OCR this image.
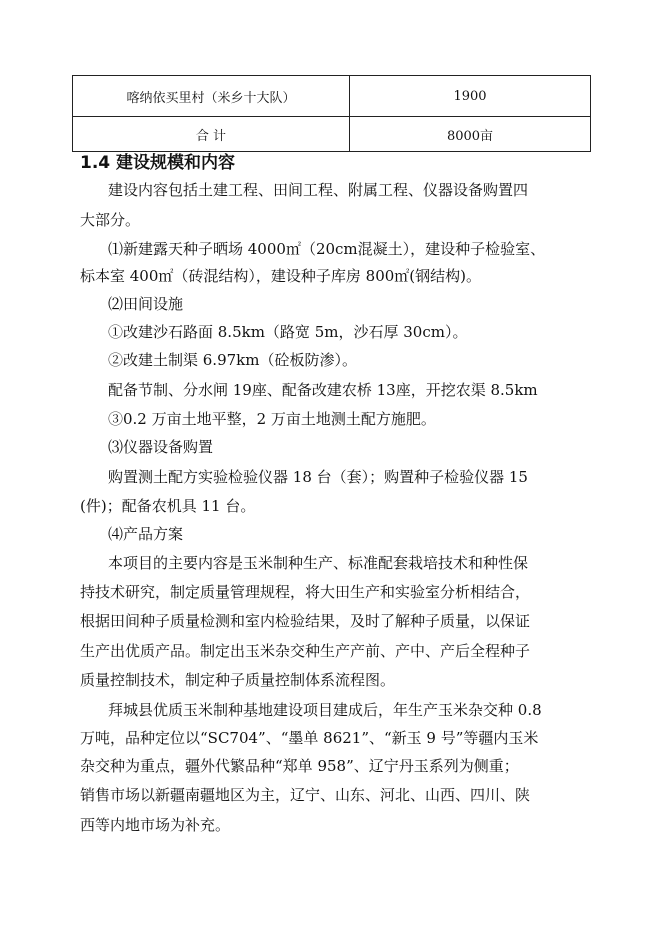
喀纳依买里村（米乡十大队）	1900
合 计	8000亩
1.4 建设规模和内容

建设内容包括土建工程、田间工程、附属工程、仪器设备购置四

大部分。

⑴新建露天种子晒场 4000㎡（20cm混凝土），建设种子检验室、

标本室 400㎡（砖混结构），建设种子库房 800㎡(钢结构)。

⑵田间设施

①改建沙石路面 8.5km（路宽 5m，沙石厚 30cm）。

②改建土制渠 6.97km（砼板防渗）。

配备节制、分水闸 19座、配备改建农桥 13座，开挖农渠 8.5km

③0.2 万亩土地平整，2 万亩土地测土配方施肥。

⑶仪器设备购置

购置测土配方实验检验仪器 18 台（套）；购置种子检验仪器 15

(件)；配备农机具 11 台。

⑷产品方案

本项目的主要内容是玉米制种生产、标准配套栽培技术和种性保

持技术研究，制定质量管理规程，将大田生产和实验室分析相结合，

根据田间种子质量检测和室内检验结果，及时了解种子质量，以保证

生产出优质产品。制定出玉米杂交种生产产前、产中、产后全程种子

质量控制技术，制定种子质量控制体系流程图。

拜城县优质玉米制种基地建设项目建成后，年生产玉米杂交种 0.8

万吨，品种定位以“SC704”、“墨单 8621”、“新玉 9 号”等疆内玉米

杂交种为重点，疆外代繁品种“郑单 958”、辽宁丹玉系列为侧重；

销售市场以新疆南疆地区为主，辽宁、山东、河北、山西、四川、陕

西等内地市场为补充。
